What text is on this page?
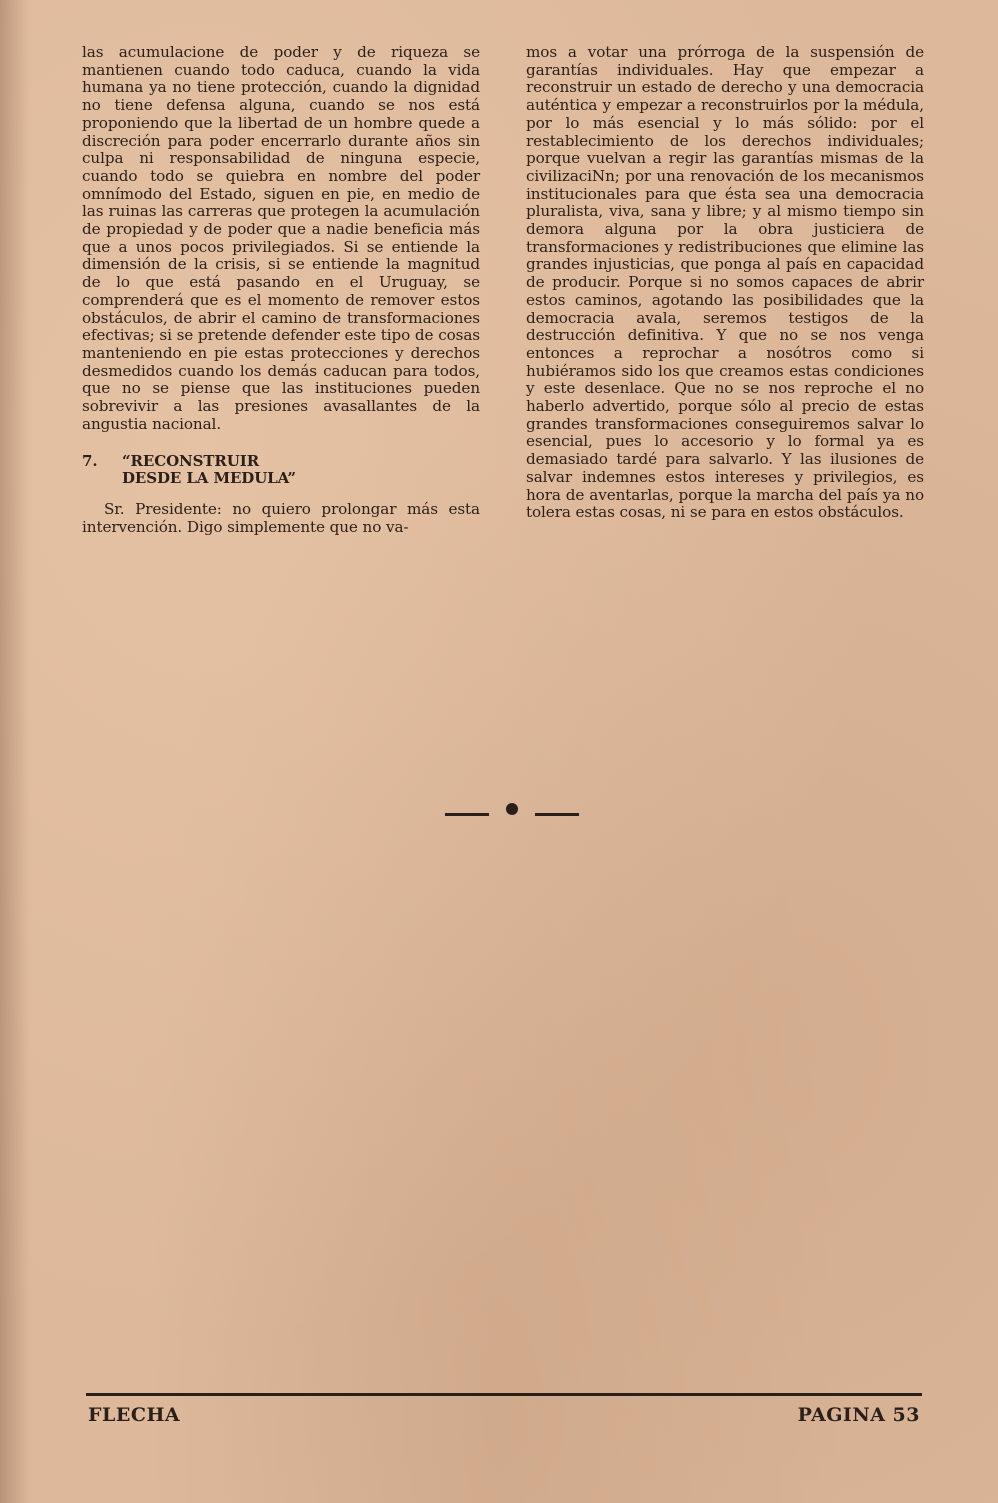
las acumulacione de poder y de riqueza se mantienen cuando todo caduca, cuando la vida humana ya no tiene protección, cuando la dignidad no tiene defensa alguna, cuando se nos está proponiendo que la libertad de un hombre quede a discreción para poder encerrarlo durante años sin culpa ni responsabilidad de ninguna especie, cuando todo se quiebra en nombre del poder omnímodo del Estado, siguen en pie, en medio de las ruinas las carreras que protegen la acumulación de propiedad y de poder que a nadie beneficia más que a unos pocos privilegiados. Si se entiende la dimensión de la crisis, si se entiende la magnitud de lo que está pasando en el Uruguay, se comprenderá que es el momento de remover estos obstáculos, de abrir el camino de transformaciones efectivas; si se pretende defender este tipo de cosas manteniendo en pie estas protecciones y derechos desmedidos cuando los demás caducan para todos, que no se piense que las instituciones pueden sobrevivir a las presiones avasallantes de la angustia nacional.

7.	“RECONSTRUIR
DESDE LA MEDULA”

Sr. Presidente: no quiero prolongar más esta intervención. Digo simplemente que no va-

mos a votar una prórroga de la suspensión de garantías individuales. Hay que empezar a reconstruir un estado de derecho y una democracia auténtica y empezar a reconstruirlos por la médula, por lo más esencial y lo más sólido: por el restablecimiento de los derechos individuales; porque vuelvan a regir las garantías mismas de la civilizaciNn; por una renovación de los mecanismos institucionales para que ésta sea una democracia pluralista, viva, sana y libre; y al mismo tiempo sin demora alguna por la obra justiciera de transformaciones y redistribuciones que elimine las grandes injusticias, que ponga al país en capacidad de producir. Porque si no somos capaces de abrir estos caminos, agotando las posibilidades que la democracia avala, seremos testigos de la destrucción definitiva. Y que no se nos venga entonces a reprochar a nosótros como si hubiéramos sido los que creamos estas condiciones y este desenlace. Que no se nos reproche el no haberlo advertido, porque sólo al precio de estas grandes transformaciones conseguiremos salvar lo esencial, pues lo accesorio y lo formal ya es demasiado tardé para salvarlo. Y las ilusiones de salvar indemnes estos intereses y privilegios, es hora de aventarlas, porque la marcha del país ya no tolera estas cosas, ni se para en estos obstáculos.

FLECHA	PAGINA 53
